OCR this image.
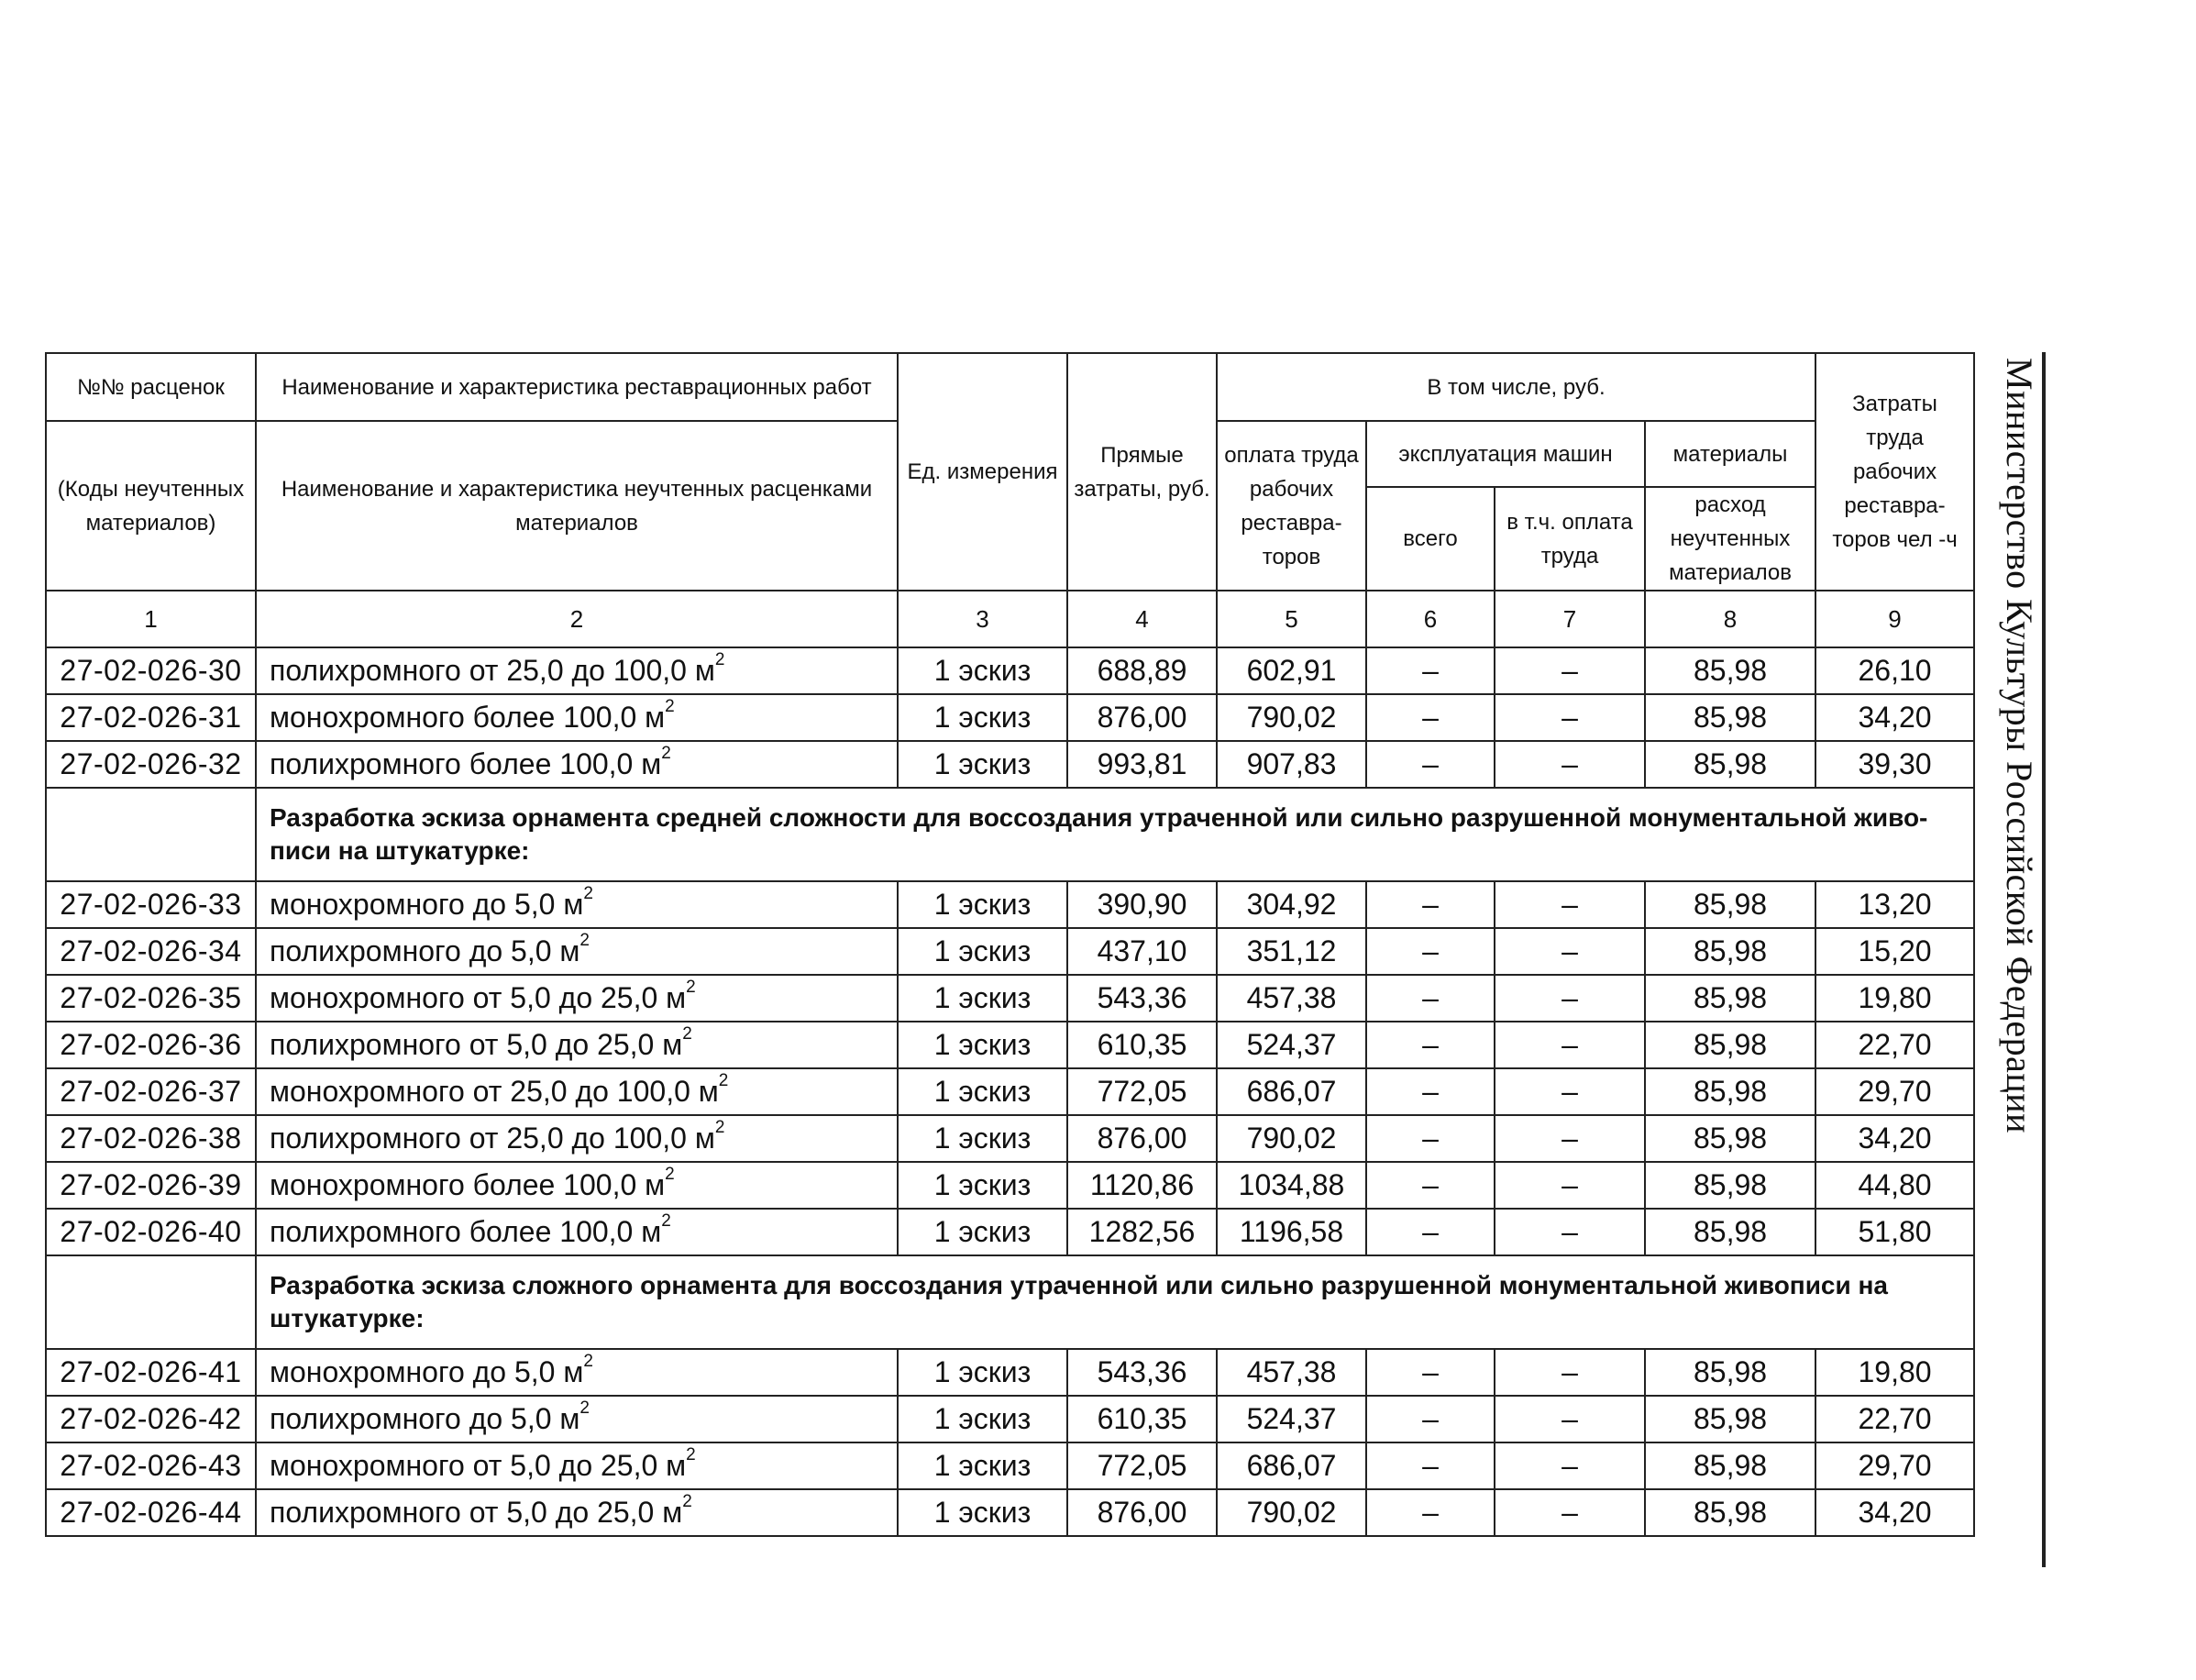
№№ расценок	Наименование и характеристика реставрационных работ	Ед. измерения	Прямые затраты, руб.	В том числе, руб.				Затраты труда рабочих реставраторов чел -ч
(Коды неучтенных материалов)	Наименование и характеристика неучтенных расценками материалов			оплата труда рабочих реставраторов	эксплуатация машин		материалы	
					всего	в т.ч. оплата труда	расход неучтенных материалов	
1	2	3	4	5	6	7	8	9
27-02-026-30	полихромного от 25,0 до 100,0 $м^2$	1 эскиз	688,89	602,91	–	–	85,98	26,10
27-02-026-31	монохромного более 100,0 $м^2$	1 эскиз	876,00	790,02	–	–	85,98	34,20
27-02-026-32	полихромного более 100,0 $м^2$	1 эскиз	993,81	907,83	–	–	85,98	39,30
	Разработка эскиза орнамента средней сложности для воссоздания утраченной или сильно разрушенной монументальной живописи на штукатурке:							
27-02-026-33	монохромного до 5,0 $м^2$	1 эскиз	390,90	304,92	–	–	85,98	13,20
27-02-026-34	полихромного до 5,0 $м^2$	1 эскиз	437,10	351,12	–	–	85,98	15,20
27-02-026-35	монохромного от 5,0 до 25,0 $м^2$	1 эскиз	543,36	457,38	–	–	85,98	19,80
27-02-026-36	полихромного от 5,0 до 25,0 $м^2$	1 эскиз	610,35	524,37	–	–	85,98	22,70
27-02-026-37	монохромного от 25,0 до 100,0 $м^2$	1 эскиз	772,05	686,07	–	–	85,98	29,70
27-02-026-38	полихромного от 25,0 до 100,0 $м^2$	1 эскиз	876,00	790,02	–	–	85,98	34,20
27-02-026-39	монохромного более 100,0 $м^2$	1 эскиз	1120,86	1034,88	–	–	85,98	44,80
27-02-026-40	полихромного более 100,0 $м^2$	1 эскиз	1282,56	1196,58	–	–	85,98	51,80
	Разработка эскиза сложного орнамента для воссоздания утраченной или сильно разрушенной монументальной живописи на штукатурке:							
27-02-026-41	монохромного до 5,0 $м^2$	1 эскиз	543,36	457,38	–	–	85,98	19,80
27-02-026-42	полихромного до 5,0 $м^2$	1 эскиз	610,35	524,37	–	–	85,98	22,70
27-02-026-43	монохромного от 5,0 до 25,0 $м^2$	1 эскиз	772,05	686,07	–	–	85,98	29,70
27-02-026-44	полихромного от 5,0 до 25,0 $м^2$	1 эскиз	876,00	790,02	–	–	85,98	34,20
Министерство Культуры Российской Федерации
